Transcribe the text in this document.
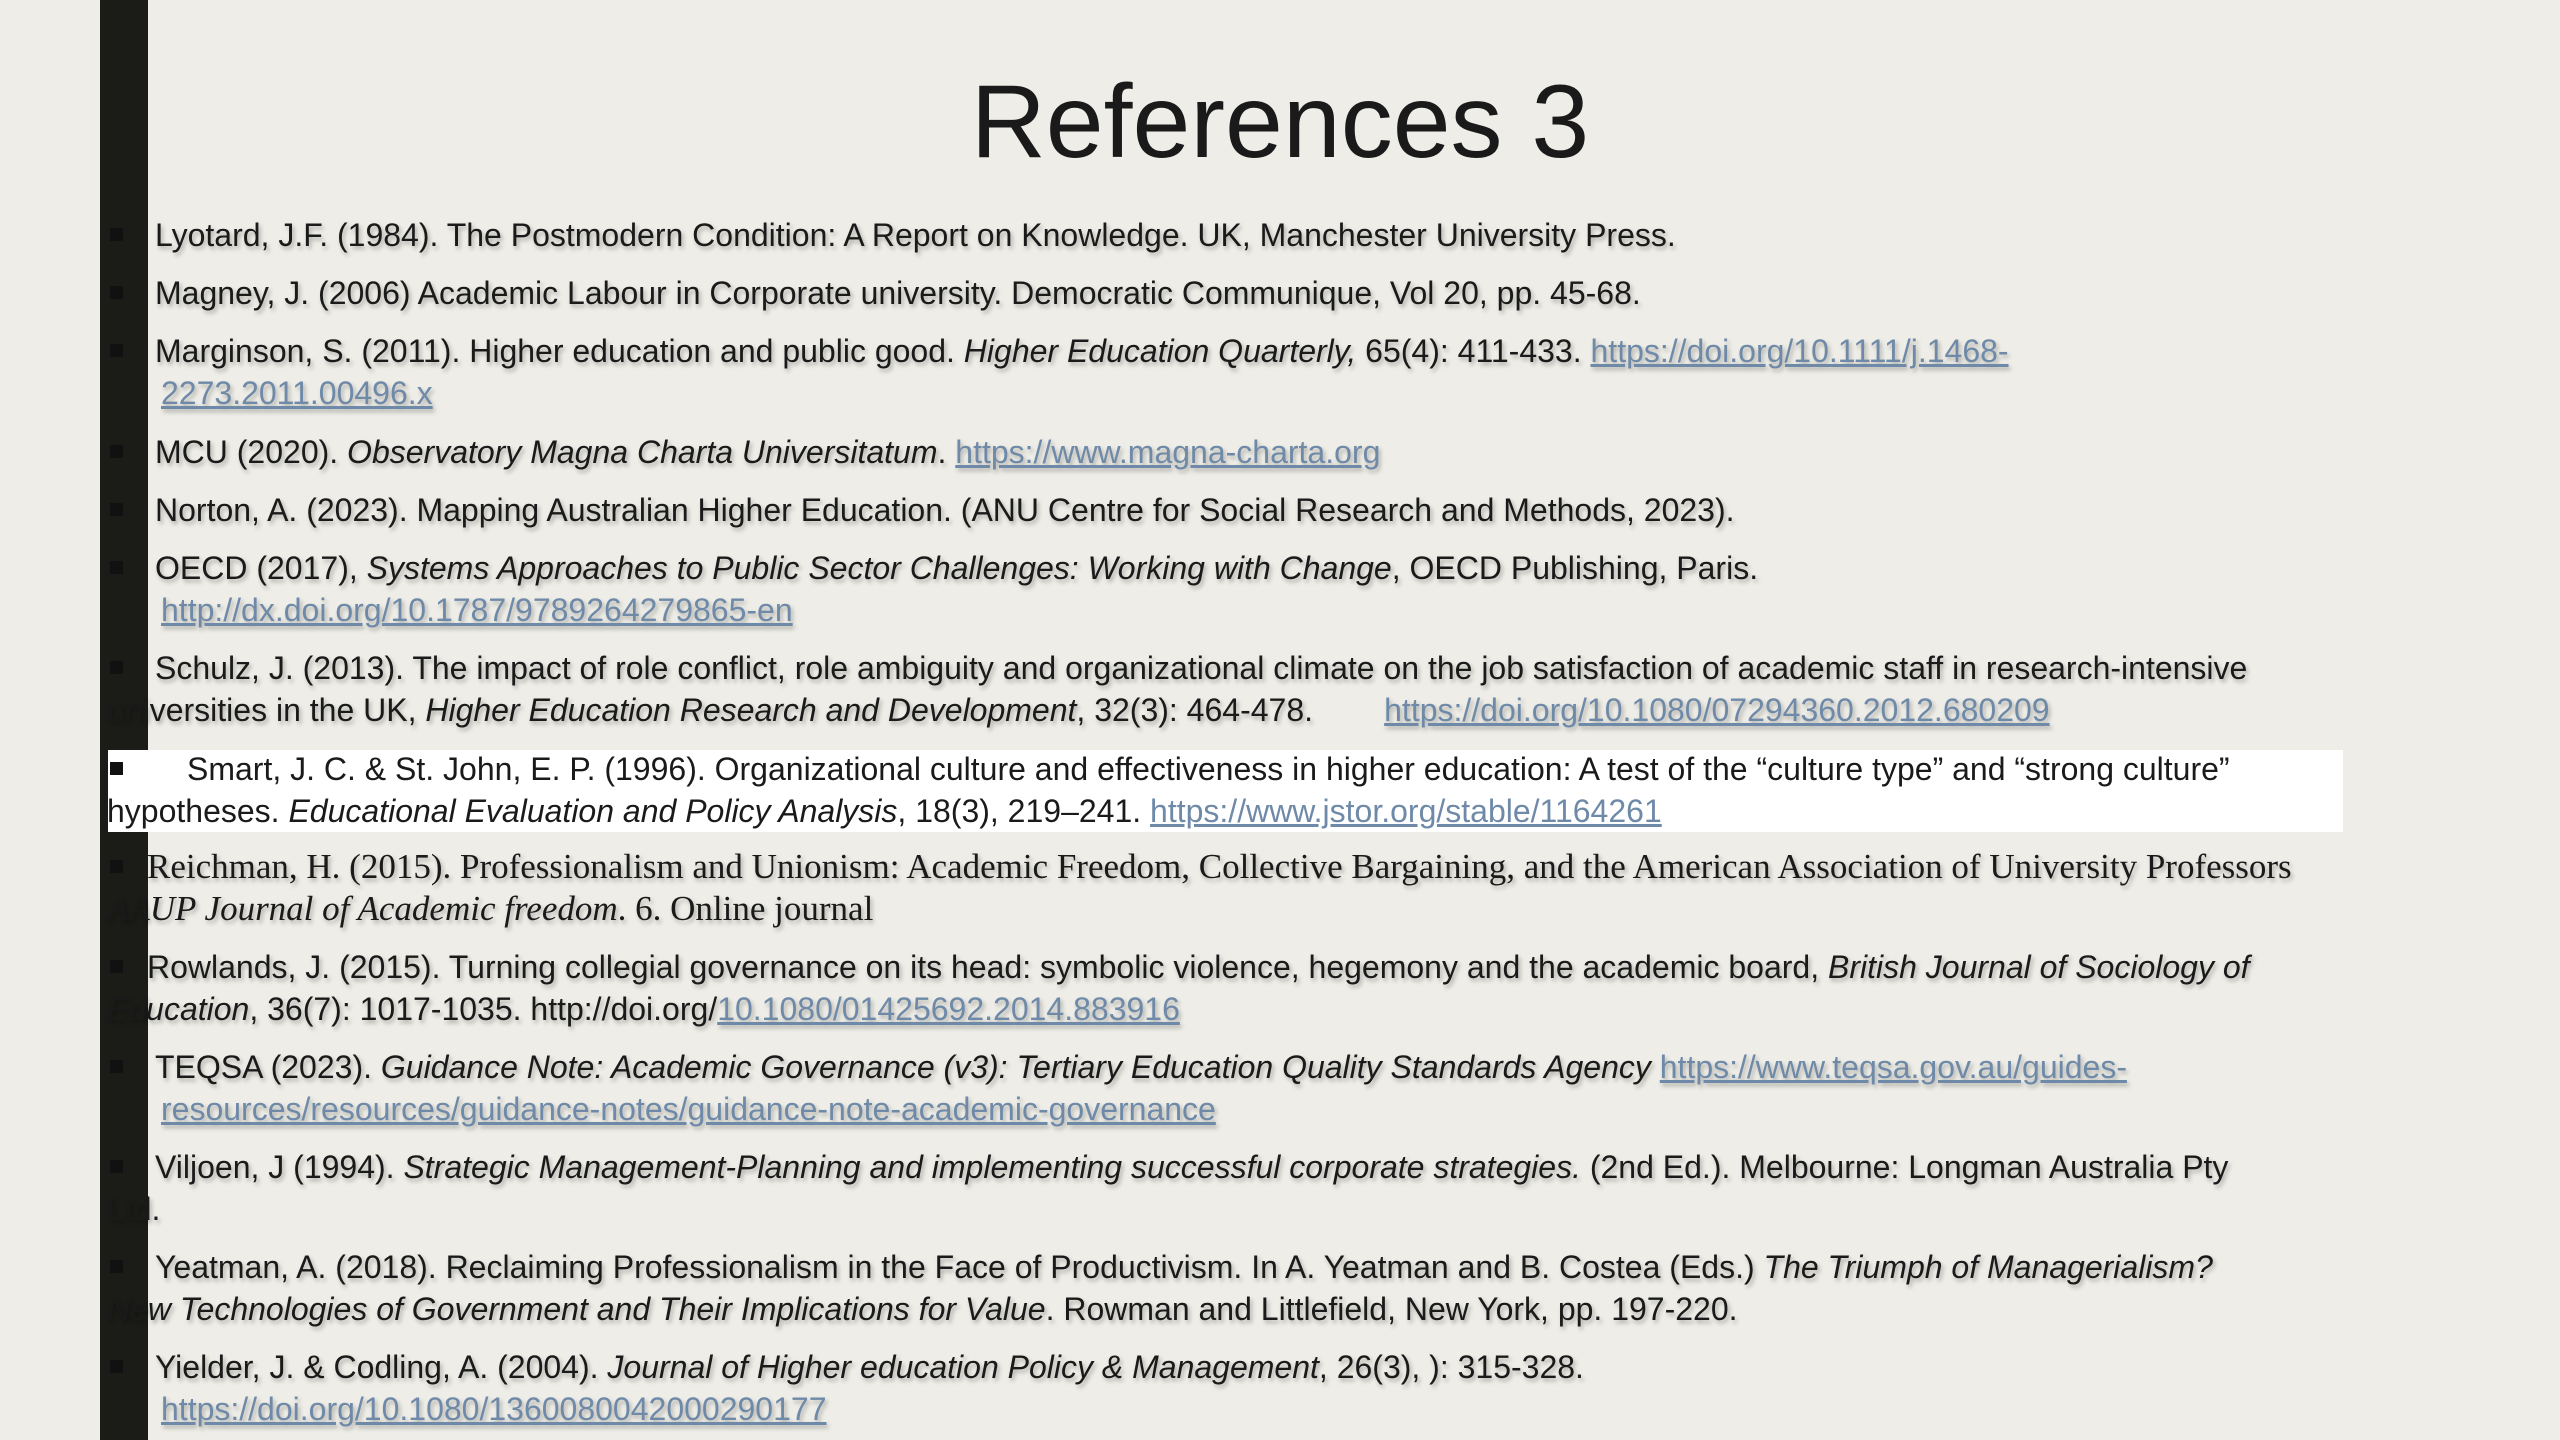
References 3
Lyotard, J.F. (1984). The Postmodern Condition: A Report on Knowledge. UK, Manchester University Press.
Magney, J. (2006) Academic Labour in Corporate university. Democratic Communique, Vol 20, pp. 45-68.
Marginson, S. (2011). Higher education and public good. Higher Education Quarterly, 65(4): 411-433. https://doi.org/10.1111/j.1468-
2273.2011.00496.x
MCU (2020). Observatory Magna Charta Universitatum. https://www.magna-charta.org
Norton, A. (2023). Mapping Australian Higher Education. (ANU Centre for Social Research and Methods, 2023).
OECD (2017), Systems Approaches to Public Sector Challenges: Working with Change, OECD Publishing, Paris.
http://dx.doi.org/10.1787/9789264279865-en
Schulz, J. (2013). The impact of role conflict, role ambiguity and organizational climate on the job satisfaction of academic staff in research-intensive
universities in the UK, Higher Education Research and Development, 32(3): 464-478.        https://doi.org/10.1080/07294360.2012.680209
Smart, J. C. & St. John, E. P. (1996). Organizational culture and effectiveness in higher education: A test of the “culture type” and “strong culture”
hypotheses. Educational Evaluation and Policy Analysis, 18(3), 219–241. https://www.jstor.org/stable/1164261
Reichman, H. (2015). Professionalism and Unionism: Academic Freedom, Collective Bargaining, and the American Association of University Professors
AAUP Journal of Academic freedom. 6. Online journal
Rowlands, J. (2015). Turning collegial governance on its head: symbolic violence, hegemony and the academic board, British Journal of Sociology of
Education, 36(7): 1017-1035. http://doi.org/10.1080/01425692.2014.883916
TEQSA (2023). Guidance Note: Academic Governance (v3): Tertiary Education Quality Standards Agency https://www.teqsa.gov.au/guides-
resources/resources/guidance-notes/guidance-note-academic-governance
Viljoen, J (1994). Strategic Management-Planning and implementing successful corporate strategies. (2nd Ed.). Melbourne: Longman Australia Pty
Ltd.
Yeatman, A. (2018). Reclaiming Professionalism in the Face of Productivism. In A. Yeatman and B. Costea (Eds.) The Triumph of Managerialism?
New Technologies of Government and Their Implications for Value. Rowman and Littlefield, New York, pp. 197-220.
Yielder, J. & Codling, A. (2004). Journal of Higher education Policy & Management, 26(3), ): 315-328.
https://doi.org/10.1080/1360080042000290177
